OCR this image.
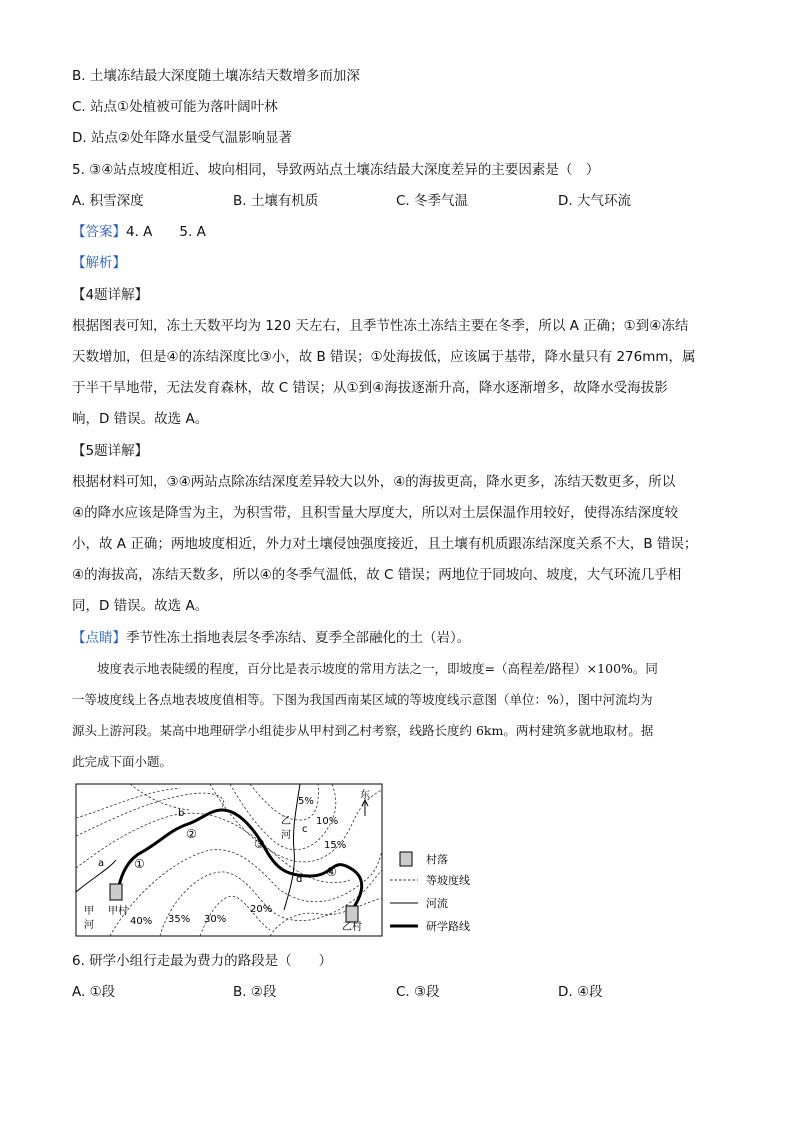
B. 土壤冻结最大深度随土壤冻结天数增多而加深
C. 站点①处植被可能为落叶阔叶林
D. 站点②处年降水量受气温影响显著
5. ③④站点坡度相近、坡向相同，导致两站点土壤冻结最大深度差异的主要因素是（　）
A. 积雪深度	B. 土壤有机质	C. 冬季气温	D. 大气环流
【答案】4. A　　5. A
【解析】
【4题详解】
根据图表可知，冻土天数平均为 120 天左右，且季节性冻土冻结主要在冬季，所以 A 正确；①到④冻结
天数增加，但是④的冻结深度比③小，故 B 错误；①处海拔低，应该属于基带，降水量只有 276mm，属
于半干旱地带，无法发育森林，故 C 错误；从①到④海拔逐渐升高，降水逐渐增多，故降水受海拔影
响，D 错误。故选 A。
【5题详解】
根据材料可知，③④两站点除冻结深度差异较大以外，④的海拔更高，降水更多，冻结天数更多，所以
④的降水应该是降雪为主，为积雪带，且积雪量大厚度大，所以对土层保温作用较好，使得冻结深度较
小，故 A 正确；两地坡度相近，外力对土壤侵蚀强度接近，且土壤有机质跟冻结深度关系不大，B 错误；
④的海拔高，冻结天数多，所以④的冬季气温低，故 C 错误；两地位于同坡向、坡度，大气环流几乎相
同，D 错误。故选 A。
【点睛】季节性冻土指地表层冬季冻结、夏季全部融化的土（岩）。
　　坡度表示地表陡缓的程度，百分比是表示坡度的常用方法之一，即坡度=（高程差/路程）×100%。同
一等坡度线上各点地表坡度值相等。下图为我国西南某区域的等坡度线示意图（单位：%），图中河流均为
源头上游河段。某高中地理研学小组徒步从甲村到乙村考察，线路长度约 6km。两村建筑多就地取材。据
此完成下面小题。
甲村
乙村
甲
河
乙
河
东
a
b
c
d
①
②
③
④
40% 35% 30%
20%
5%
10%
15%
村落
等坡度线
河流
研学路线
6. 研学小组行走最为费力的路段是（　　）
A. ①段	B. ②段	C. ③段	D. ④段
